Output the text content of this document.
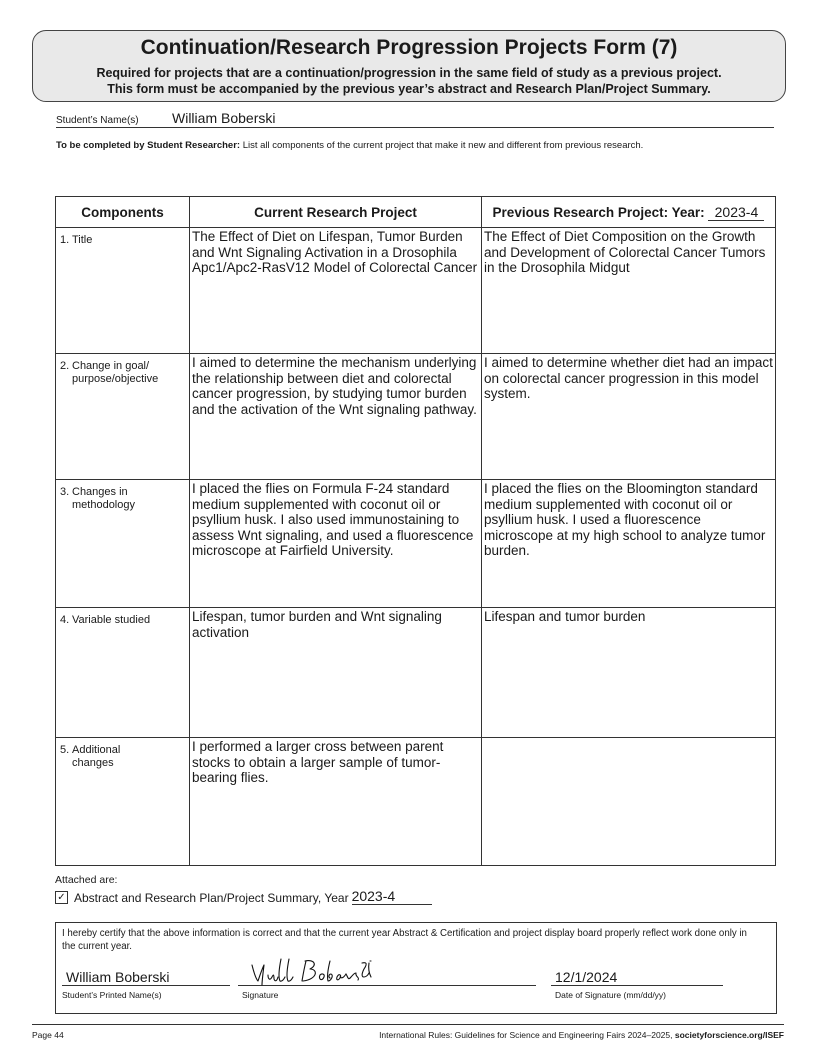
Continuation/Research Progression Projects Form (7)
Required for projects that are a continuation/progression in the same field of study as a previous project.
This form must be accompanied by the previous year’s abstract and Research Plan/Project Summary.
Student’s Name(s) William Boberski
To be completed by Student Researcher: List all components of the current project that make it new and different from previous research.
Components	Current Research Project	Previous Research Project: Year: 2023-4
1. Title	The Effect of Diet on Lifespan, Tumor Burden and Wnt Signaling Activation in a Drosophila Apc1/Apc2-RasV12 Model of Colorectal Cancer	The Effect of Diet Composition on the Growth and Development of Colorectal Cancer Tumors in the Drosophila Midgut
2. Change in goal/
purpose/objective	I aimed to determine the mechanism underlying the relationship between diet and colorectal cancer progression, by studying tumor burden and the activation of the Wnt signaling pathway.	I aimed to determine whether diet had an impact on colorectal cancer progression in this model system.
3. Changes in
methodology	I placed the flies on Formula F-24 standard medium supplemented with coconut oil or psyllium husk. I also used immunostaining to assess Wnt signaling, and used a fluorescence microscope at Fairfield University.	I placed the flies on the Bloomington standard medium supplemented with coconut oil or psyllium husk. I used a fluorescence microscope at my high school to analyze tumor burden.
4. Variable studied	Lifespan, tumor burden and Wnt signaling activation	Lifespan and tumor burden
5. Additional
changes	I performed a larger cross between parent stocks to obtain a larger sample of tumor-bearing flies.	
Attached are:
✓ Abstract and Research Plan/Project Summary, Year 2023-4
I hereby certify that the above information is correct and that the current year Abstract & Certification and project display board properly reflect work done only in the current year.
William Boberski
Student’s Printed Name(s)	Signature
12/1/2024
Date of Signature (mm/dd/yy)
Page 44	International Rules: Guidelines for Science and Engineering Fairs 2024–2025, societyforscience.org/ISEF
